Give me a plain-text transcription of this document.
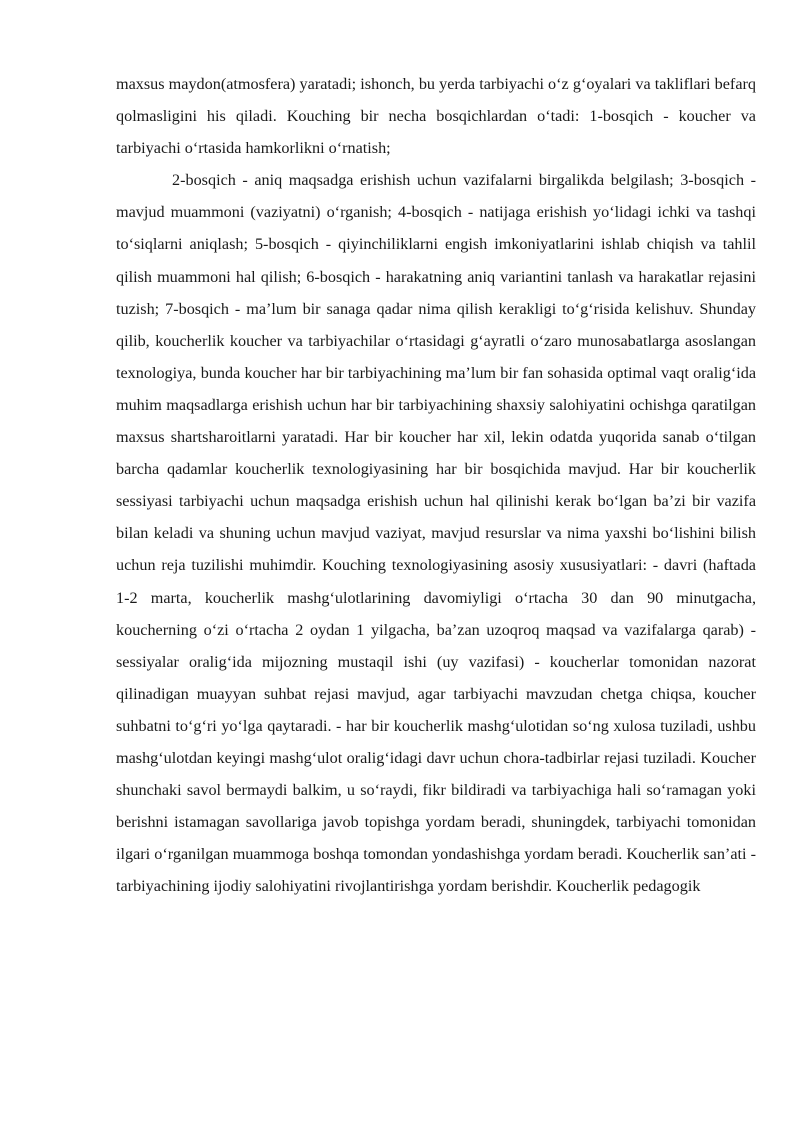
maxsus maydon(atmosfera) yaratadi; ishonch, bu yerda tarbiyachi o‘z g‘oyalari va takliflari befarq qolmasligini his qiladi. Kouching bir necha bosqichlardan o‘tadi: 1-bosqich - koucher va tarbiyachi o‘rtasida hamkorlikni o‘rnatish;

2-bosqich - aniq maqsadga erishish uchun vazifalarni birgalikda belgilash; 3-bosqich - mavjud muammoni (vaziyatni) o‘rganish; 4-bosqich - natijaga erishish yo‘lidagi ichki va tashqi to‘siqlarni aniqlash; 5-bosqich - qiyinchiliklarni engish imkoniyatlarini ishlab chiqish va tahlil qilish muammoni hal qilish; 6-bosqich - harakatning aniq variantini tanlash va harakatlar rejasini tuzish; 7-bosqich - ma’lum bir sanaga qadar nima qilish kerakligi to‘g‘risida kelishuv. Shunday qilib, koucherlik koucher va tarbiyachilar o‘rtasidagi g‘ayratli o‘zaro munosabatlarga asoslangan texnologiya, bunda koucher har bir tarbiyachining ma’lum bir fan sohasida optimal vaqt oralig‘ida muhim maqsadlarga erishish uchun har bir tarbiyachining shaxsiy salohiyatini ochishga qaratilgan maxsus shartsharoitlarni yaratadi. Har bir koucher har xil, lekin odatda yuqorida sanab o‘tilgan barcha qadamlar koucherlik texnologiyasining har bir bosqichida mavjud. Har bir koucherlik sessiyasi tarbiyachi uchun maqsadga erishish uchun hal qilinishi kerak bo‘lgan ba’zi bir vazifa bilan keladi va shuning uchun mavjud vaziyat, mavjud resurslar va nima yaxshi bo‘lishini bilish uchun reja tuzilishi muhimdir. Kouching texnologiyasining asosiy xususiyatlari: - davri (haftada 1-2 marta, koucherlik mashg‘ulotlarining davomiyligi o‘rtacha 30 dan 90 minutgacha, koucherning o‘zi o‘rtacha 2 oydan 1 yilgacha, ba’zan uzoqroq maqsad va vazifalarga qarab) - sessiyalar oralig‘ida mijozning mustaqil ishi (uy vazifasi) - koucherlar tomonidan nazorat qilinadigan muayyan suhbat rejasi mavjud, agar tarbiyachi mavzudan chetga chiqsa, koucher suhbatni to‘g‘ri yo‘lga qaytaradi. - har bir koucherlik mashg‘ulotidan so‘ng xulosa tuziladi, ushbu mashg‘ulotdan keyingi mashg‘ulot oralig‘idagi davr uchun chora-tadbirlar rejasi tuziladi. Koucher shunchaki savol bermaydi balkim, u so‘raydi, fikr bildiradi va tarbiyachiga hali so‘ramagan yoki berishni istamagan savollariga javob topishga yordam beradi, shuningdek, tarbiyachi tomonidan ilgari o‘rganilgan muammoga boshqa tomondan yondashishga yordam beradi. Koucherlik san’ati - tarbiyachining ijodiy salohiyatini rivojlantirishga yordam berishdir. Koucherlik pedagogik
